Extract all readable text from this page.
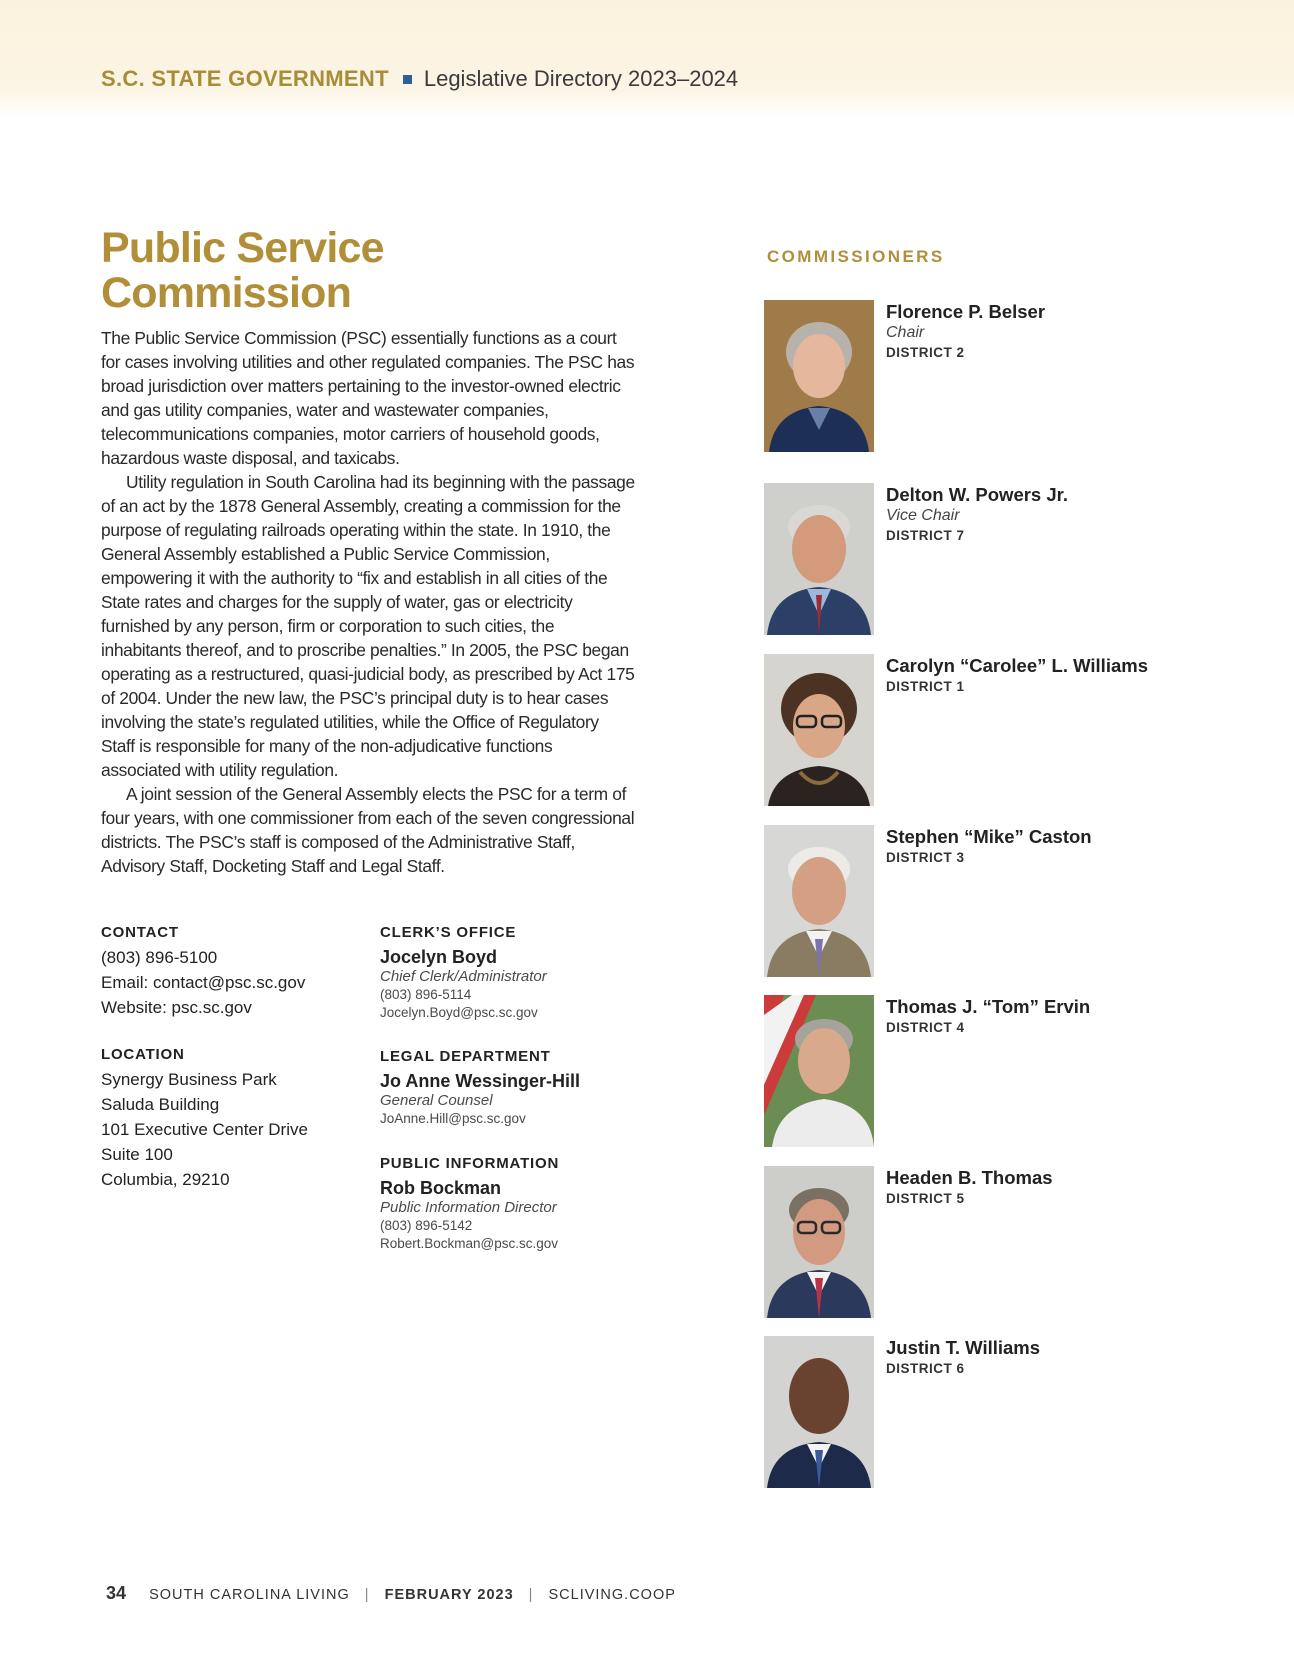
S.C. STATE GOVERNMENT Legislative Directory 2023–2024
Public Service
Commission

The Public Service Commission (PSC) essentially functions as a court for cases involving utilities and other regulated companies. The PSC has broad jurisdiction over matters pertaining to the investor-owned electric and gas utility companies, water and wastewater companies, telecommunications companies, motor carriers of household goods, hazardous waste disposal, and taxicabs.

Utility regulation in South Carolina had its beginning with the passage of an act by the 1878 General Assembly, creating a commission for the purpose of regulating railroads operating within the state. In 1910, the General Assembly established a Public Service Commission, empowering it with the authority to “fix and establish in all cities of the State rates and charges for the supply of water, gas or electricity furnished by any person, firm or corporation to such cities, the inhabitants thereof, and to proscribe penalties.” In 2005, the PSC began operating as a restructured, quasi-judicial body, as prescribed by Act 175 of 2004. Under the new law, the PSC’s principal duty is to hear cases involving the state’s regulated utilities, while the Office of Regulatory Staff is responsible for many of the non-adjudicative functions associated with utility regulation.

A joint session of the General Assembly elects the PSC for a term of four years, with one commissioner from each of the seven congressional districts. The PSC’s staff is composed of the Administrative Staff, Advisory Staff, Docketing Staff and Legal Staff.

CONTACT
(803) 896-5100
Email: contact@psc.sc.gov
Website: psc.sc.gov
LOCATION
Synergy Business Park
Saluda Building
101 Executive Center Drive
Suite 100
Columbia, 29210
CLERK’S OFFICE
Jocelyn Boyd
Chief Clerk/Administrator
(803) 896-5114
Jocelyn.Boyd@psc.sc.gov
LEGAL DEPARTMENT
Jo Anne Wessinger-Hill
General Counsel
JoAnne.Hill@psc.sc.gov
PUBLIC INFORMATION
Rob Bockman
Public Information Director
(803) 896-5142
Robert.Bockman@psc.sc.gov
COMMISSIONERS
Florence P. Belser
Chair
DISTRICT 2
Delton W. Powers Jr.
Vice Chair
DISTRICT 7
Carolyn “Carolee” L. Williams
DISTRICT 1
Stephen “Mike” Caston
DISTRICT 3
Thomas J. “Tom” Ervin
DISTRICT 4
Headen B. Thomas
DISTRICT 5
Justin T. Williams
DISTRICT 6
34 SOUTH CAROLINA LIVING | FEBRUARY 2023 | SCLIVING.COOP
